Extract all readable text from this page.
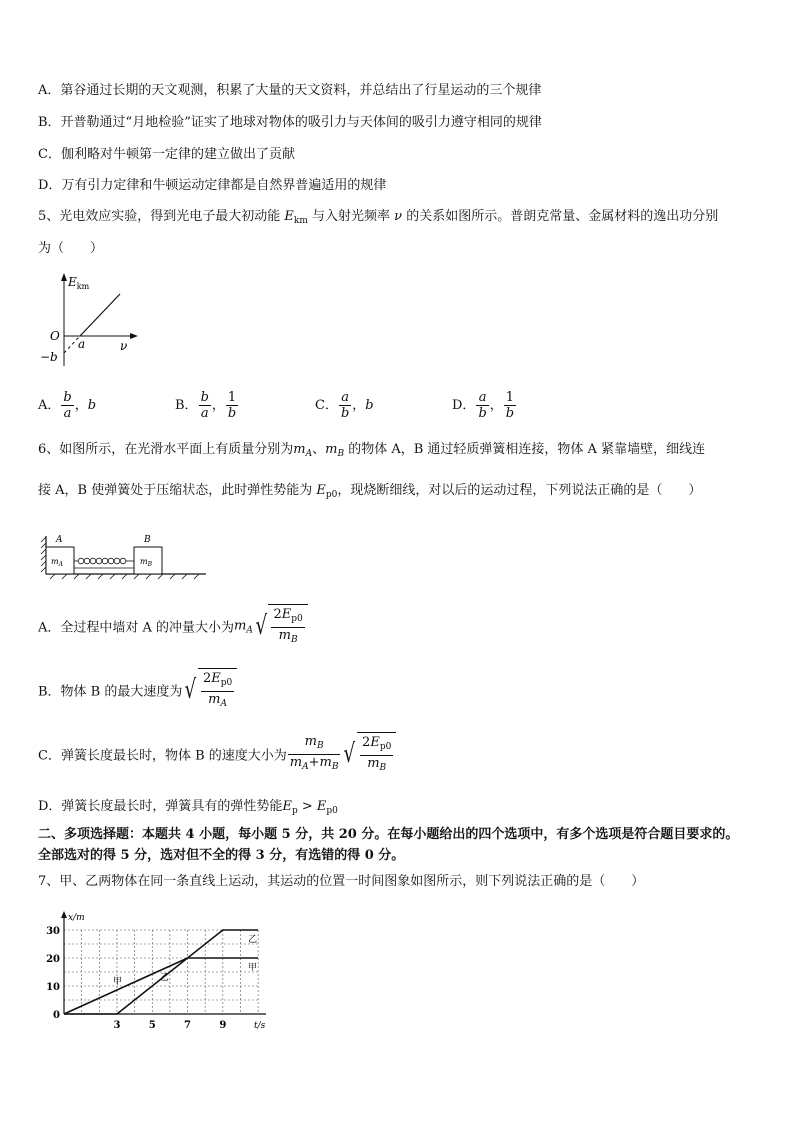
A．第谷通过长期的天文观测，积累了大量的天文资料，并总结出了行星运动的三个规律
B．开普勒通过“月地检验”证实了地球对物体的吸引力与天体间的吸引力遵守相同的规律
C．伽利略对牛顿第一定律的建立做出了贡献
D．万有引力定律和牛顿运动定律都是自然界普遍适用的规律
5、光电效应实验，得到光电子最大初动能 $E_{km}$ 与入射光频率 ν 的关系如图所示。普朗克常量、金属材料的逸出功分别
为（　　）
$E_{km}$
O
ν
a
−b
A． $\frac{b}{a}$ ，b	B． $\frac{b}{a}$ ， $\frac{1}{b}$	C． $\frac{a}{b}$ ，b	D． $\frac{a}{b}$ ， $\frac{1}{b}$
6、如图所示，在光滑水平面上有质量分别为$m_A$、$m_B$ 的物体 A，B 通过轻质弹簧相连接，物体 A 紧靠墙壁，细线连
接 A，B 使弹簧处于压缩状态，此时弹性势能为 $E_{p0}$，现烧断细线，对以后的运动过程，下列说法正确的是（　　）
A	B
$m_A$	$m_B$
A．全过程中墙对 A 的冲量大小为$m_A√ \frac{2E_{p0}}{m_B}$
B．物体 B 的最大速度为√ $\frac{2E_{p0}}{m_A}$
C．弹簧长度最长时，物体 B 的速度大小为 $\frac{m_B}{m_A+m_B}$ √ $\frac{2E_{p0}}{m_B}$
D．弹簧长度最长时，弹簧具有的弹性势能$E_p > E_{p0}$
二、多项选择题：本题共 4 小题，每小题 5 分，共 20 分。在每小题给出的四个选项中，有多个选项是符合题目要求的。
全部选对的得 5 分，选对但不全的得 3 分，有选错的得 0 分。
7、甲、乙两物体在同一条直线上运动，其运动的位置一时间图象如图所示，则下列说法正确的是（　　）
x/m
t/s
0
10
20
30
3	5	7	9
甲
甲
乙
乙
